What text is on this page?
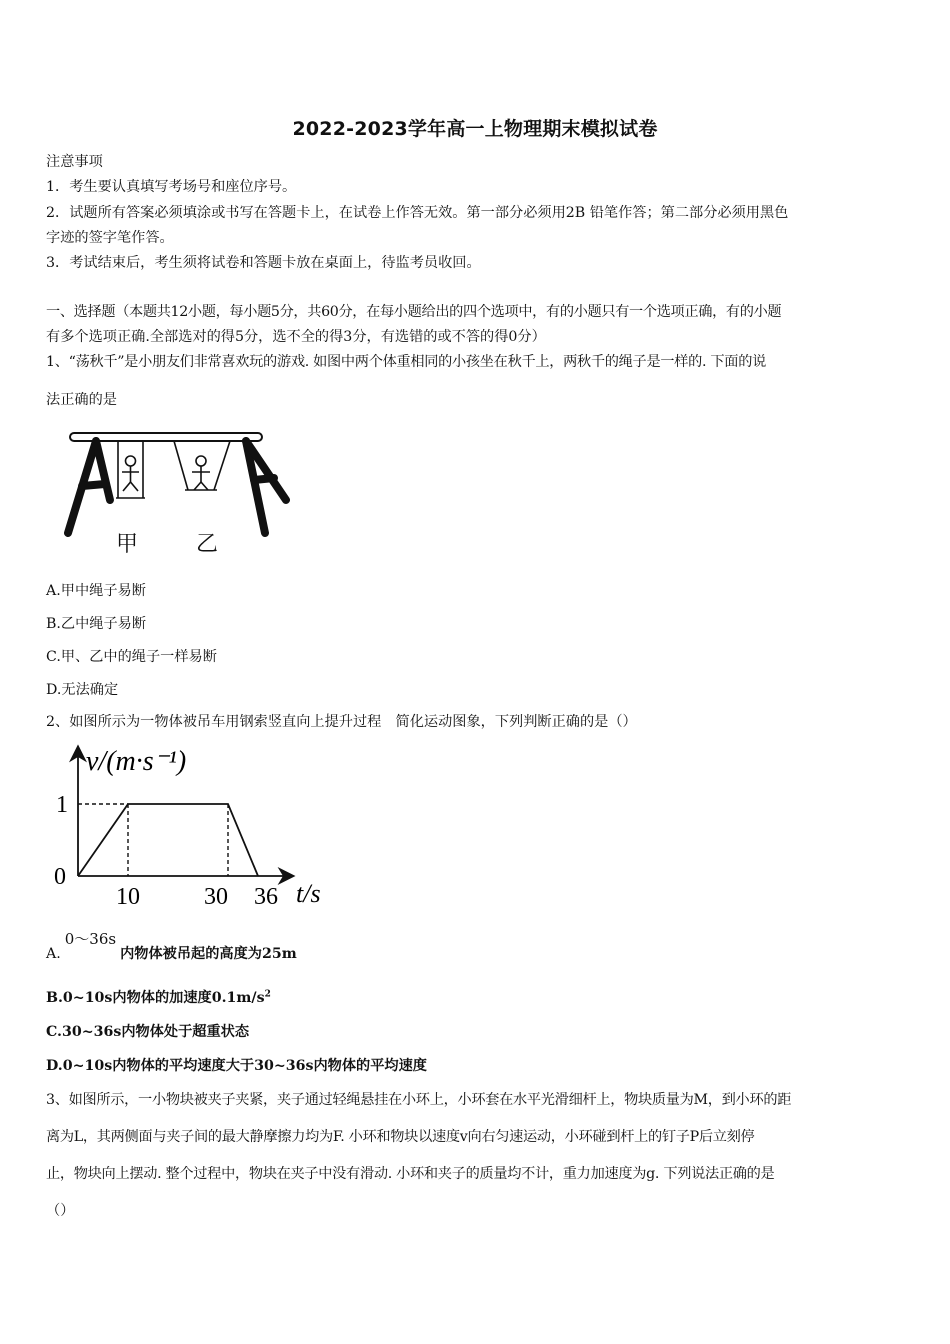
2022-2023学年高一上物理期末模拟试卷
注意事项
1．考生要认真填写考场号和座位序号。
2．试题所有答案必须填涂或书写在答题卡上，在试卷上作答无效。第一部分必须用2B 铅笔作答；第二部分必须用黑色
字迹的签字笔作答。
3．考试结束后，考生须将试卷和答题卡放在桌面上，待监考员收回。
一、选择题（本题共12小题，每小题5分，共60分，在每小题给出的四个选项中，有的小题只有一个选项正确，有的小题
有多个选项正确.全部选对的得5分，选不全的得3分，有选错的或不答的得0分）
1、“荡秋千”是小朋友们非常喜欢玩的游戏. 如图中两个体重相同的小孩坐在秋千上，两秋千的绳子是一样的. 下面的说
法正确的是
甲	乙
A.甲中绳子易断
B.乙中绳子易断
C.甲、乙中的绳子一样易断
D.无法确定
2、如图所示为一物体被吊车用钢索竖直向上提升过程　简化运动图象，下列判断正确的是（）
v/(m·s⁻¹)
0
1
10	30 36 t/s
A.0～36s内物体被吊起的高度为25m
B.0~10s内物体的加速度$0.1m/s^2$
C.30~36s内物体处于超重状态
D.0~10s内物体的平均速度大于30~36s内物体的平均速度
3、如图所示，一小物块被夹子夹紧，夹子通过轻绳悬挂在小环上，小环套在水平光滑细杆上，物块质量为M，到小环的距
离为L，其两侧面与夹子间的最大静摩擦力均为F. 小环和物块以速度v向右匀速运动，小环碰到杆上的钉子P后立刻停
止，物块向上摆动. 整个过程中，物块在夹子中没有滑动. 小环和夹子的质量均不计，重力加速度为g. 下列说法正确的是
（）
